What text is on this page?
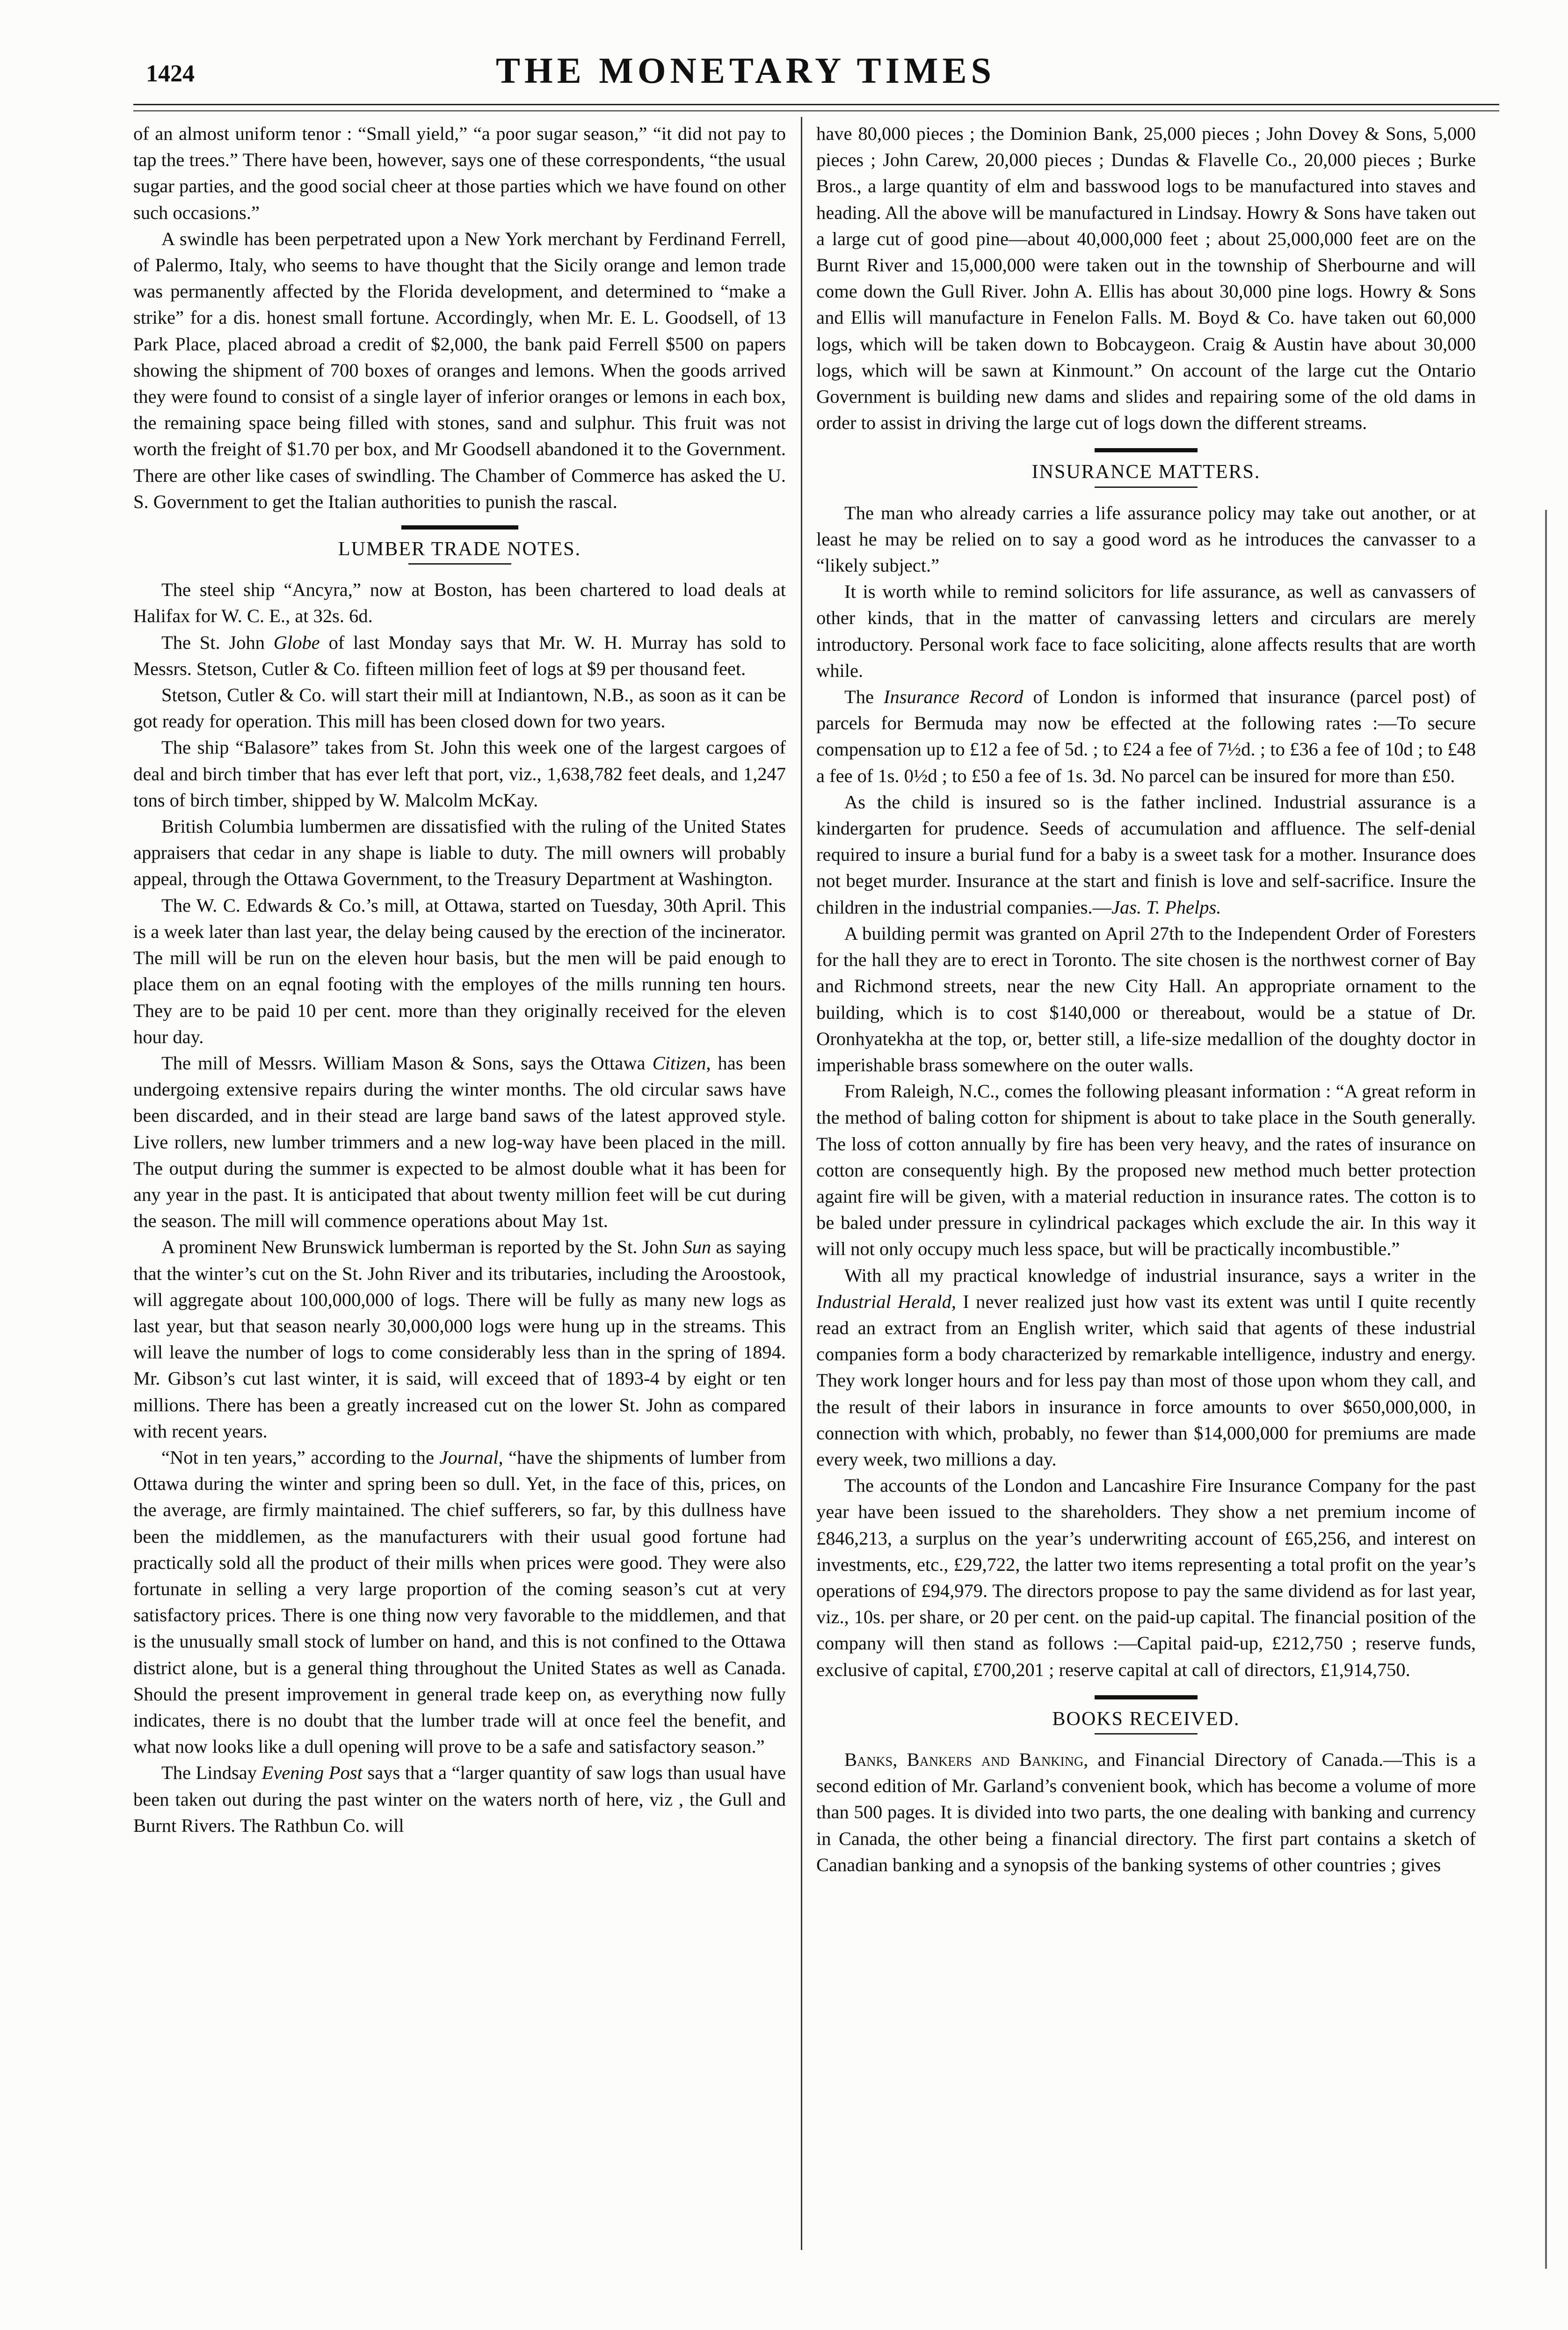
1424	THE MONETARY TIMES

of an almost uniform tenor : “Small yield,” “a poor sugar season,” “it did not pay to tap the trees.” There have been, however, says one of these correspondents, “the usual sugar parties, and the good social cheer at those parties which we have found on other such occasions.”

A swindle has been perpetrated upon a New York merchant by Ferdinand Ferrell, of Palermo, Italy, who seems to have thought that the Sicily orange and lemon trade was permanently affected by the Florida development, and determined to “make a strike” for a dis. honest small fortune. Accordingly, when Mr. E. L. Goodsell, of 13 Park Place, placed abroad a credit of $2,000, the bank paid Ferrell $500 on papers showing the shipment of 700 boxes of oranges and lemons. When the goods arrived they were found to consist of a single layer of inferior oranges or lemons in each box, the remaining space being filled with stones, sand and sulphur. This fruit was not worth the freight of $1.70 per box, and Mr Goodsell abandoned it to the Government. There are other like cases of swindling. The Chamber of Commerce has asked the U. S. Government to get the Italian authorities to punish the rascal.

LUMBER TRADE NOTES.

The steel ship “Ancyra,” now at Boston, has been chartered to load deals at Halifax for W. C. E., at 32s. 6d.

The St. John Globe of last Monday says that Mr. W. H. Murray has sold to Messrs. Stetson, Cutler & Co. fifteen million feet of logs at $9 per thousand feet.

Stetson, Cutler & Co. will start their mill at Indiantown, N.B., as soon as it can be got ready for operation. This mill has been closed down for two years.

The ship “Balasore” takes from St. John this week one of the largest cargoes of deal and birch timber that has ever left that port, viz., 1,638,782 feet deals, and 1,247 tons of birch timber, shipped by W. Malcolm McKay.

British Columbia lumbermen are dissatisfied with the ruling of the United States appraisers that cedar in any shape is liable to duty. The mill owners will probably appeal, through the Ottawa Government, to the Treasury Department at Washington.

The W. C. Edwards & Co.’s mill, at Ottawa, started on Tuesday, 30th April. This is a week later than last year, the delay being caused by the erection of the incinerator. The mill will be run on the eleven hour basis, but the men will be paid enough to place them on an eqnal footing with the employes of the mills running ten hours. They are to be paid 10 per cent. more than they originally received for the eleven hour day.

The mill of Messrs. William Mason & Sons, says the Ottawa Citizen, has been undergoing extensive repairs during the winter months. The old circular saws have been discarded, and in their stead are large band saws of the latest approved style. Live rollers, new lumber trimmers and a new log-way have been placed in the mill. The output during the summer is expected to be almost double what it has been for any year in the past. It is anticipated that about twenty million feet will be cut during the season. The mill will commence operations about May 1st.

A prominent New Brunswick lumberman is reported by the St. John Sun as saying that the winter’s cut on the St. John River and its tributaries, including the Aroostook, will aggregate about 100,000,000 of logs. There will be fully as many new logs as last year, but that season nearly 30,000,000 logs were hung up in the streams. This will leave the number of logs to come considerably less than in the spring of 1894. Mr. Gibson’s cut last winter, it is said, will exceed that of 1893-4 by eight or ten millions. There has been a greatly increased cut on the lower St. John as compared with recent years.

“Not in ten years,” according to the Journal, “have the shipments of lumber from Ottawa during the winter and spring been so dull. Yet, in the face of this, prices, on the average, are firmly maintained. The chief sufferers, so far, by this dullness have been the middlemen, as the manufacturers with their usual good fortune had practically sold all the product of their mills when prices were good. They were also fortunate in selling a very large proportion of the coming season’s cut at very satisfactory prices. There is one thing now very favorable to the middlemen, and that is the unusually small stock of lumber on hand, and this is not confined to the Ottawa district alone, but is a general thing throughout the United States as well as Canada. Should the present improvement in general trade keep on, as everything now fully indicates, there is no doubt that the lumber trade will at once feel the benefit, and what now looks like a dull opening will prove to be a safe and satisfactory season.”

The Lindsay Evening Post says that a “larger quantity of saw logs than usual have been taken out during the past winter on the waters north of here, viz , the Gull and Burnt Rivers. The Rathbun Co. will

have 80,000 pieces ; the Dominion Bank, 25,000 pieces ; John Dovey & Sons, 5,000 pieces ; John Carew, 20,000 pieces ; Dundas & Flavelle Co., 20,000 pieces ; Burke Bros., a large quantity of elm and basswood logs to be manufactured into staves and heading. All the above will be manufactured in Lindsay. Howry & Sons have taken out a large cut of good pine—about 40,000,000 feet ; about 25,000,000 feet are on the Burnt River and 15,000,000 were taken out in the township of Sherbourne and will come down the Gull River. John A. Ellis has about 30,000 pine logs. Howry & Sons and Ellis will manufacture in Fenelon Falls. M. Boyd & Co. have taken out 60,000 logs, which will be taken down to Bobcaygeon. Craig & Austin have about 30,000 logs, which will be sawn at Kinmount.” On account of the large cut the Ontario Government is building new dams and slides and repairing some of the old dams in order to assist in driving the large cut of logs down the different streams.

INSURANCE MATTERS.

The man who already carries a life assurance policy may take out another, or at least he may be relied on to say a good word as he introduces the canvasser to a “likely subject.”

It is worth while to remind solicitors for life assurance, as well as canvassers of other kinds, that in the matter of canvassing letters and circulars are merely introductory. Personal work face to face soliciting, alone affects results that are worth while.

The Insurance Record of London is informed that insurance (parcel post) of parcels for Bermuda may now be effected at the following rates :—To secure compensation up to £12 a fee of 5d. ; to £24 a fee of 7½d. ; to £36 a fee of 10d ; to £48 a fee of 1s. 0½d ; to £50 a fee of 1s. 3d. No parcel can be insured for more than £50.

As the child is insured so is the father inclined. Industrial assurance is a kindergarten for prudence. Seeds of accumulation and affluence. The self-denial required to insure a burial fund for a baby is a sweet task for a mother. Insurance does not beget murder. Insurance at the start and finish is love and self-sacrifice. Insure the children in the industrial companies.—Jas. T. Phelps.

A building permit was granted on April 27th to the Independent Order of Foresters for the hall they are to erect in Toronto. The site chosen is the northwest corner of Bay and Richmond streets, near the new City Hall. An appropriate ornament to the building, which is to cost $140,000 or thereabout, would be a statue of Dr. Oronhyatekha at the top, or, better still, a life-size medallion of the doughty doctor in imperishable brass somewhere on the outer walls.

From Raleigh, N.C., comes the following pleasant information : “A great reform in the method of baling cotton for shipment is about to take place in the South generally. The loss of cotton annually by fire has been very heavy, and the rates of insurance on cotton are consequently high. By the proposed new method much better protection againt fire will be given, with a material reduction in insurance rates. The cotton is to be baled under pressure in cylindrical packages which exclude the air. In this way it will not only occupy much less space, but will be practically incombustible.”

With all my practical knowledge of industrial insurance, says a writer in the Industrial Herald, I never realized just how vast its extent was until I quite recently read an extract from an English writer, which said that agents of these industrial companies form a body characterized by remarkable intelligence, industry and energy. They work longer hours and for less pay than most of those upon whom they call, and the result of their labors in insurance in force amounts to over $650,000,000, in connection with which, probably, no fewer than $14,000,000 for premiums are made every week, two millions a day.

The accounts of the London and Lancashire Fire Insurance Company for the past year have been issued to the shareholders. They show a net premium income of £846,213, a surplus on the year’s underwriting account of £65,256, and interest on investments, etc., £29,722, the latter two items representing a total profit on the year’s operations of £94,979. The directors propose to pay the same dividend as for last year, viz., 10s. per share, or 20 per cent. on the paid-up capital. The financial position of the company will then stand as follows :—Capital paid-up, £212,750 ; reserve funds, exclusive of capital, £700,201 ; reserve capital at call of directors, £1,914,750.

BOOKS RECEIVED.

Banks, Bankers and Banking, and Financial Directory of Canada.—This is a second edition of Mr. Garland’s convenient book, which has become a volume of more than 500 pages. It is divided into two parts, the one dealing with banking and currency in Canada, the other being a financial directory. The first part contains a sketch of Canadian banking and a synopsis of the banking systems of other countries ; gives
